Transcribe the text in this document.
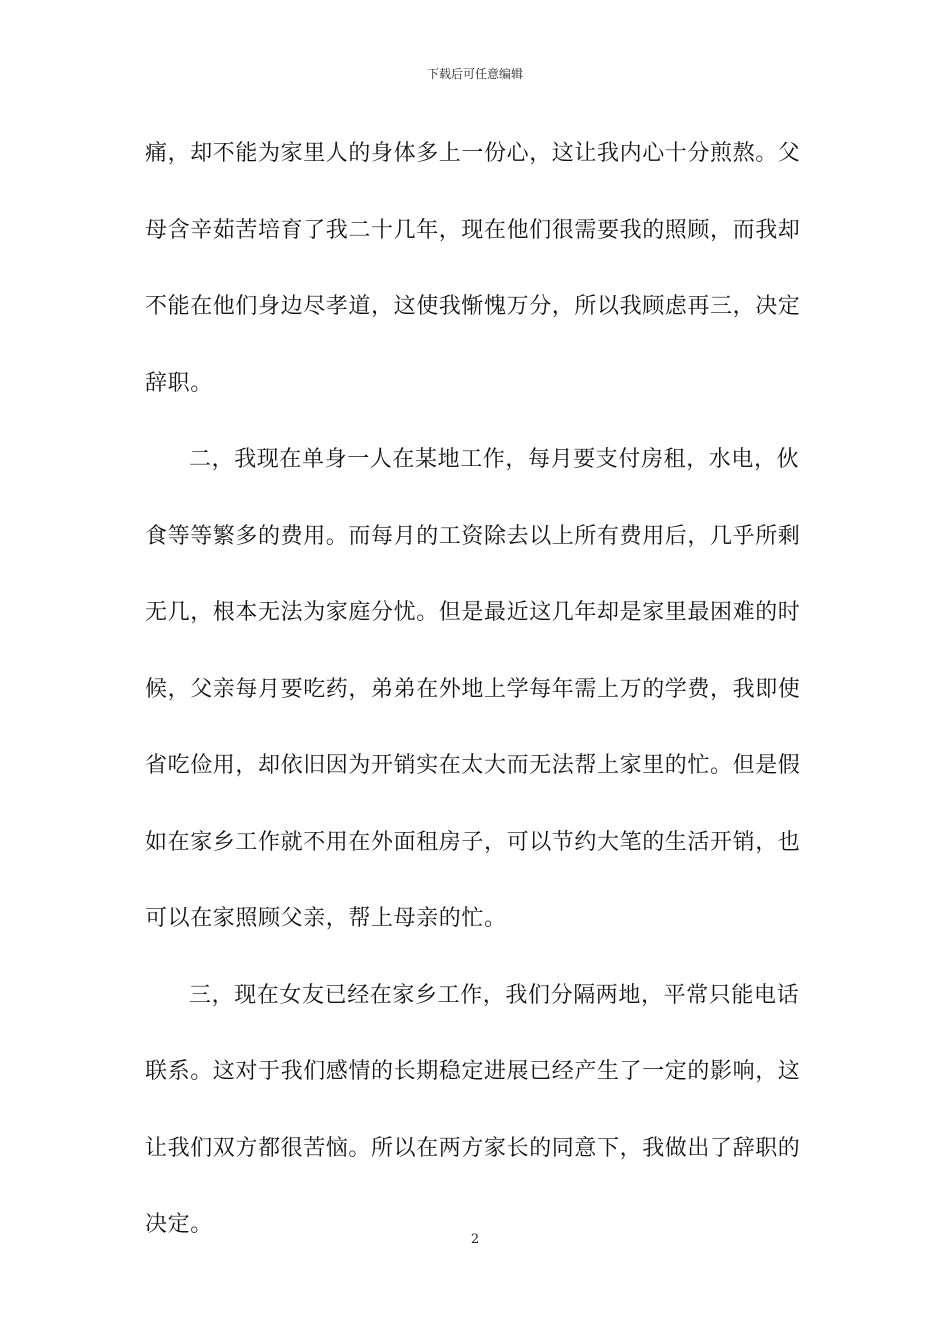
下载后可任意编辑
痛，却不能为家里人的身体多上一份心，这让我内心十分煎熬。父
母含辛茹苦培育了我二十几年，现在他们很需要我的照顾，而我却
不能在他们身边尽孝道，这使我惭愧万分，所以我顾虑再三，决定
辞职。
二，我现在单身一人在某地工作，每月要支付房租，水电，伙
食等等繁多的费用。而每月的工资除去以上所有费用后，几乎所剩
无几，根本无法为家庭分忧。但是最近这几年却是家里最困难的时
候，父亲每月要吃药，弟弟在外地上学每年需上万的学费，我即使
省吃俭用，却依旧因为开销实在太大而无法帮上家里的忙。但是假
如在家乡工作就不用在外面租房子，可以节约大笔的生活开销，也
可以在家照顾父亲，帮上母亲的忙。
三，现在女友已经在家乡工作，我们分隔两地，平常只能电话
联系。这对于我们感情的长期稳定进展已经产生了一定的影响，这
让我们双方都很苦恼。所以在两方家长的同意下，我做出了辞职的
决定。
2
